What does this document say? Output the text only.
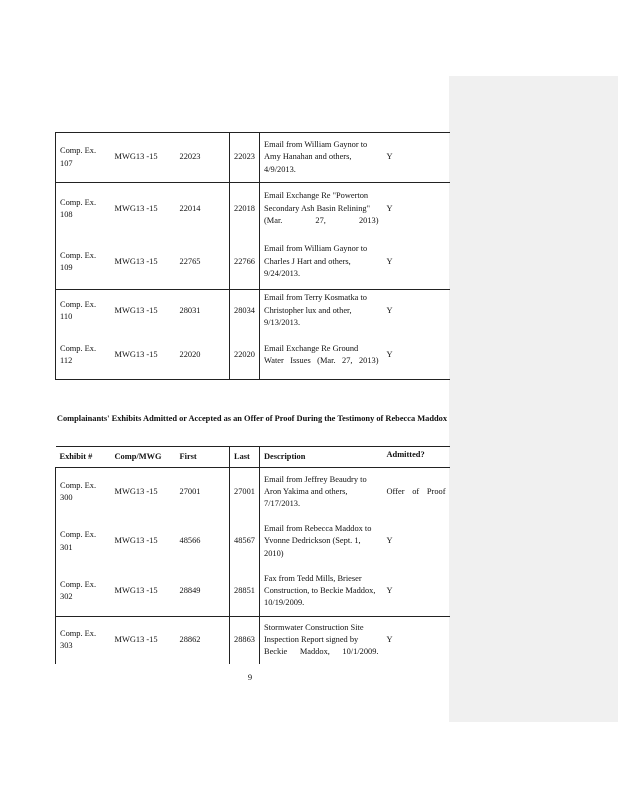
Comp. Ex. 107	MWG13 -15	22023	22023	Email from William Gaynor to Amy Hanahan and others, 4/9/2013.	Y
Comp. Ex. 108	MWG13 -15	22014	22018	Email Exchange Re "Powerton Secondary Ash Basin Relining" (Mar. 27, 2013)	Y
Comp. Ex. 109	MWG13 -15	22765	22766	Email from William Gaynor to Charles J Hart and others, 9/24/2013.	Y
Comp. Ex. 110	MWG13 -15	28031	28034	Email from Terry Kosmatka to Christopher lux and other, 9/13/2013.	Y
Comp. Ex. 112	MWG13 -15	22020	22020	Email Exchange Re Ground Water Issues (Mar. 27, 2013)	Y
Complainants' Exhibits Admitted or Accepted as an Offer of Proof During the Testimony of Rebecca Maddox
Exhibit #	Comp/MWG	First	Last	Description	Admitted?
Comp. Ex. 300	MWG13 -15	27001	27001	Email from Jeffrey Beaudry to Aron Yakima and others, 7/17/2013.	Offer of Proof
Comp. Ex. 301	MWG13 -15	48566	48567	Email from Rebecca Maddox to Yvonne Dedrickson (Sept. 1, 2010)	Y
Comp. Ex. 302	MWG13 -15	28849	28851	Fax from Tedd Mills, Brieser Construction, to Beckie Maddox, 10/19/2009.	Y
Comp. Ex. 303	MWG13 -15	28862	28863	Stormwater Construction Site Inspection Report signed by Beckie Maddox, 10/1/2009.	Y
9
